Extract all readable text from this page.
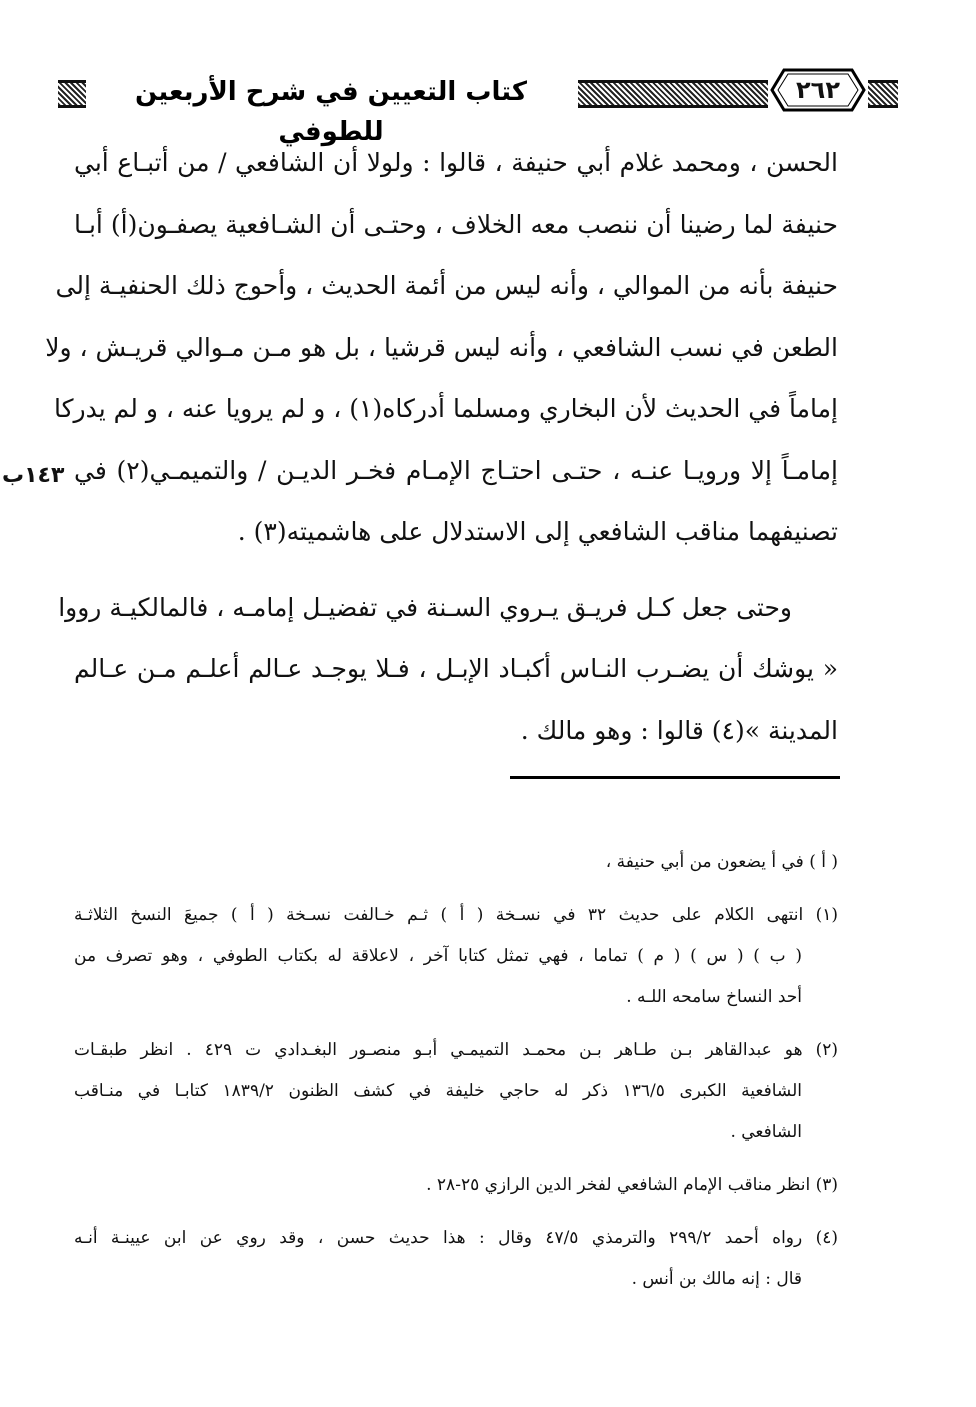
كتاب التعيين في شرح الأربعين للطوفي
٢٦٢
١٤٣ب
الحسن ، ومحمد غلام أبي حنيفة ، قالوا : ولولا أن الشافعي / من أتبـاع أبي
حنيفة لما رضينا أن ننصب معه الخلاف ، وحتـى أن الشـافعية يصفـون(أ) أبـا
حنيفة بأنه من الموالي ، وأنه ليس من أئمة الحديث ، وأحوج ذلك الحنفيـة إلى
الطعن في نسب الشافعي ، وأنه ليس قرشيا ، بل هو مـن مـوالي قريـش ، ولا
إماماً في الحديث لأن البخاري ومسلما أدركاه(١) ، و لم يرويا عنه ، و لم يدركا
إمامـاً إلا ورويـا عنـه ، حتـى احتـاج الإمـام فخـر الديـن / والتميمـي(٢) في
تصنيفهما مناقب الشافعي إلى الاستدلال على هاشميته(٣) .
وحتى جعل كـل فريـق يـروي السـنة في تفضيـل إمامـه ، فالمالكيـة رووا
« يوشك أن يضـرب النـاس أكبـاد الإبـل ، فـلا يوجـد عـالم أعلـم مـن عـالم
المدينة »(٤) قالوا : وهو مالك .
( أ ) في أ يضعون من أبي حنيفة ،
(١) انتهى الكلام على حديث ٣٢ في نسـخة ( أ ) ثـم خـالفت نسـخة ( أ ) جميعَ النسخ الثلاثـة
( ب ) ( س ) ( م ) تماما ، فهي تمثل كتابا آخر ، لاعلاقة له بكتاب الطوفي ، وهو تصرف من
أحد النساخ سامحه اللـه .
(٢) هو عبدالقاهر بـن طـاهر بـن محمـد التميمـي أبـو منصـور البغـدادي ت ٤٢٩ . انظر طبقـات
الشافعية الكبرى ١٣٦/٥ ذكر له حاجي خليفة في كشف الظنون ١٨٣٩/٢ كتابـا في منـاقب
الشافعي .
(٣) انظر مناقب الإمام الشافعي لفخر الدين الرازي ٢٥-٢٨ .
(٤) رواه أحمد ٢٩٩/٢ والترمذي ٤٧/٥ وقال : هذا حديث حسن ، وقد روي عن ابن عيينـة أنـه
قال : إنه مالك بن أنس .
